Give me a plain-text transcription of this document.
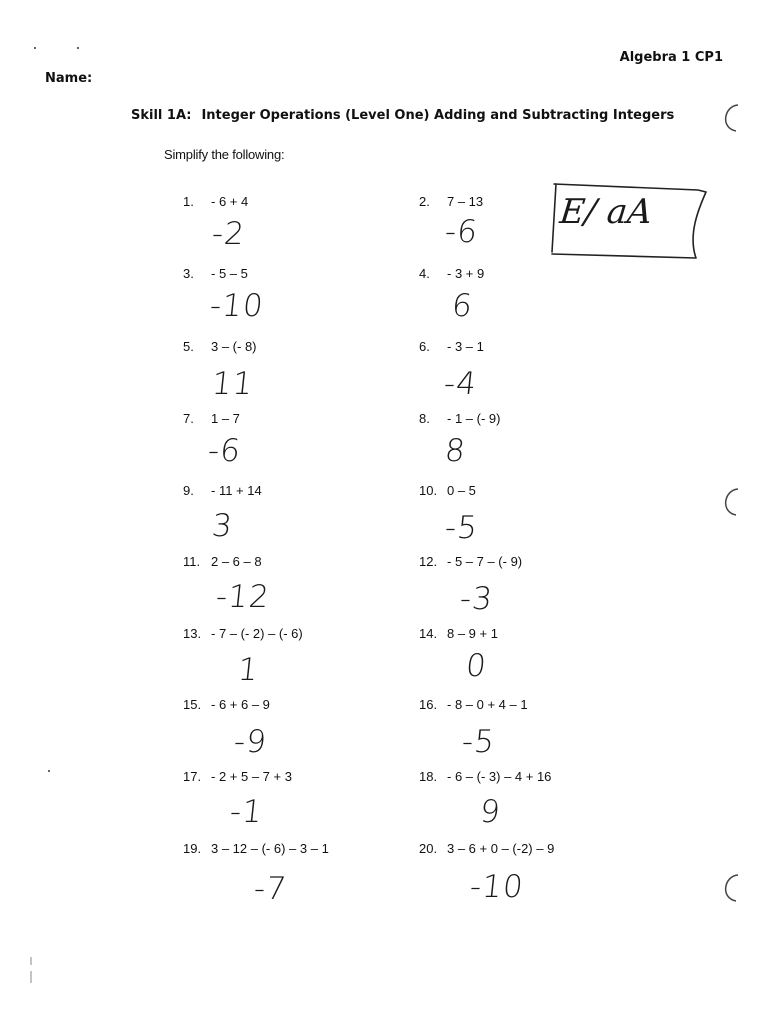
Algebra 1 CP1
Name:
Skill 1A: Integer Operations (Level One) Adding and Subtracting Integers
Simplify the following:
E/ aA
1. - 6 + 4
-2
2. 7 – 13
-6
3. - 5 – 5
-10
4. - 3 + 9
6
5. 3 – (- 8)
11
6. - 3 – 1
-4
7. 1 – 7
-6
8. - 1 – (- 9)
8
9. - 11 + 14
3
10. 0 – 5
-5
11. 2 – 6 – 8
-12
12. - 5 – 7 – (- 9)
-3
13. - 7 – (- 2) – (- 6)
1
14. 8 – 9 + 1
0
15. - 6 + 6 – 9
-9
16. - 8 – 0 + 4 – 1
-5
17. - 2 + 5 – 7 + 3
-1
18. - 6 – (- 3) – 4 + 16
9
19. 3 – 12 – (- 6) – 3 – 1
-7
20. 3 – 6 + 0 – (-2) – 9
-10
